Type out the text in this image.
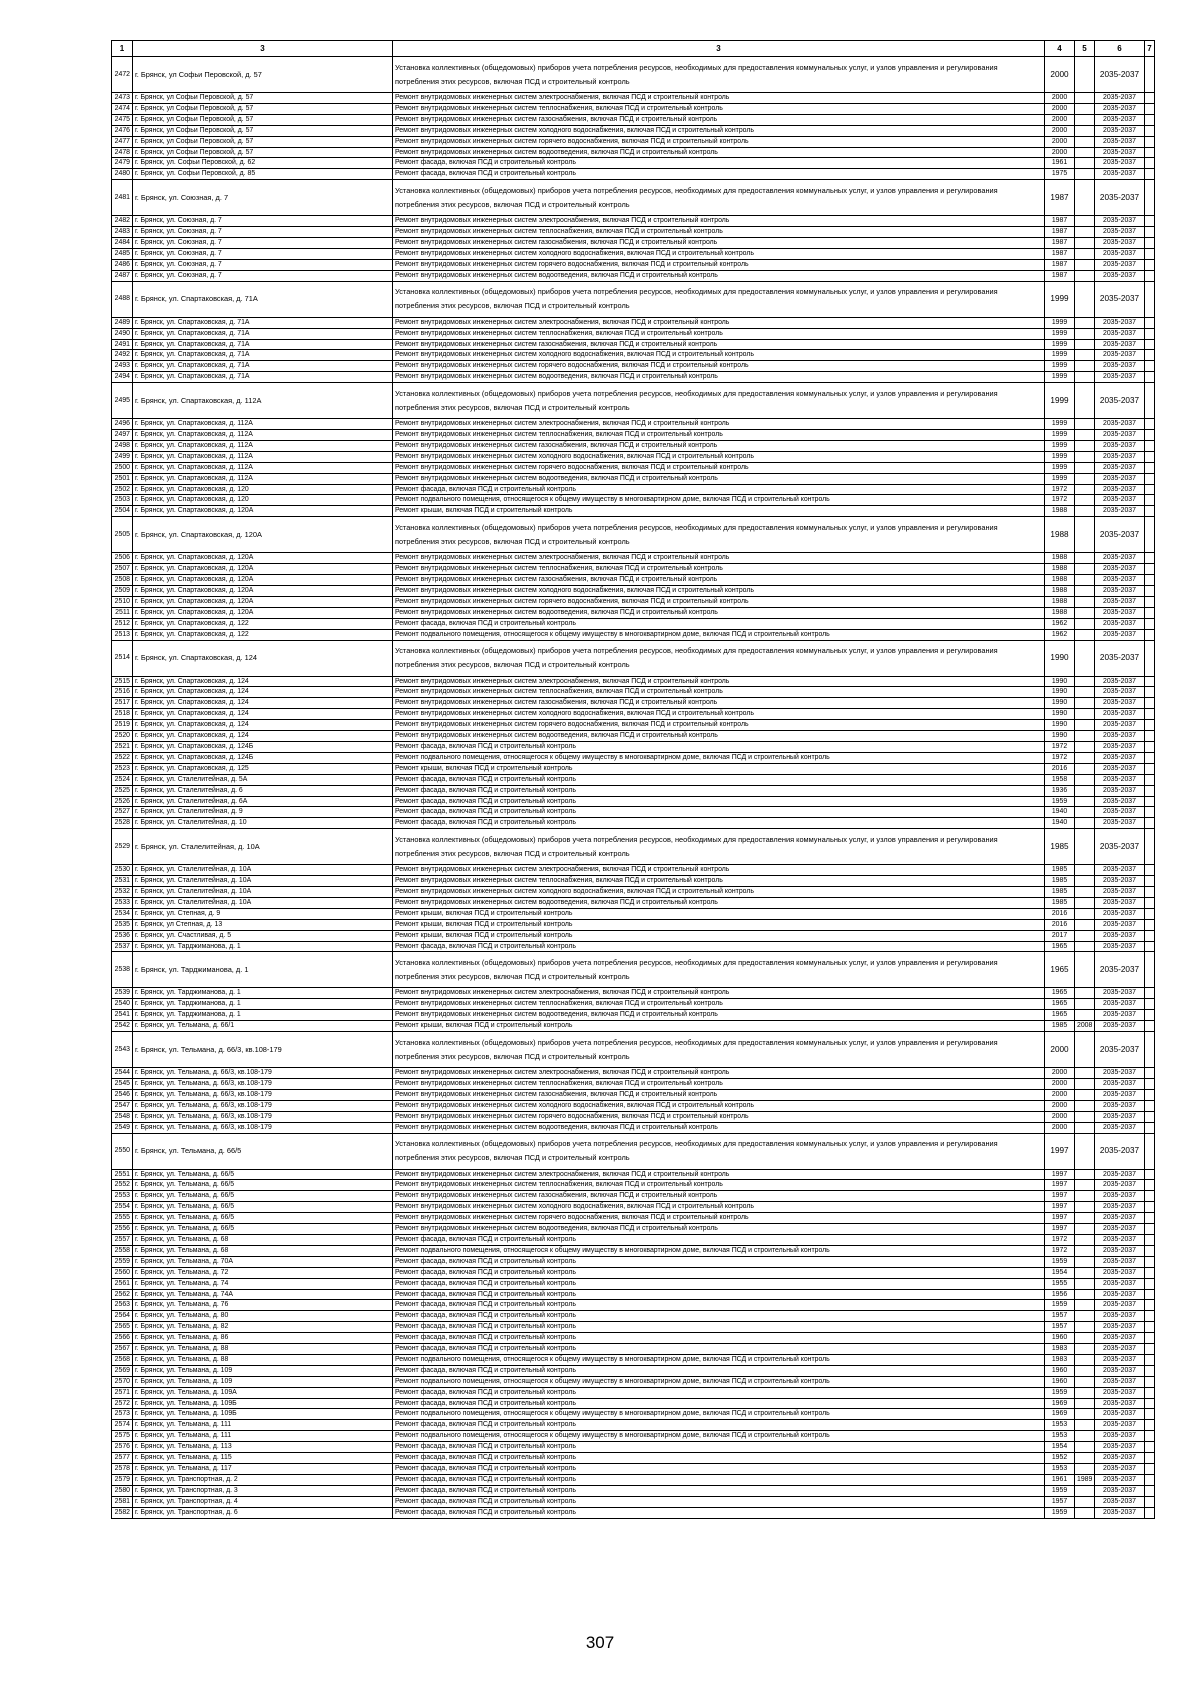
1	3	3	4	5	6	7
2472	г. Брянск, ул Софьи Перовской, д. 57	Установка коллективных (общедомовых) приборов учета потребления ресурсов, необходимых для предоставления коммунальных услуг, и узлов управления и регулирования потребления этих ресурсов, включая ПСД и строительный контроль	2000		2035-2037	
2473	г. Брянск, ул Софьи Перовской, д. 57	Ремонт внутридомовых инженерных систем электроснабжения, включая ПСД и строительный контроль	2000		2035-2037	
2474	г. Брянск, ул Софьи Перовской, д. 57	Ремонт внутридомовых инженерных систем теплоснабжения, включая ПСД и строительный контроль	2000		2035-2037	
2475	г. Брянск, ул Софьи Перовской, д. 57	Ремонт внутридомовых инженерных систем газоснабжения, включая ПСД и строительный контроль	2000		2035-2037	
2476	г. Брянск, ул Софьи Перовской, д. 57	Ремонт внутридомовых инженерных систем холодного водоснабжения, включая ПСД и строительный контроль	2000		2035-2037	
2477	г. Брянск, ул Софьи Перовской, д. 57	Ремонт внутридомовых инженерных систем горячего водоснабжения, включая ПСД и строительный контроль	2000		2035-2037	
2478	г. Брянск, ул Софьи Перовской, д. 57	Ремонт внутридомовых инженерных систем водоотведения, включая ПСД и строительный контроль	2000		2035-2037	
2479	г. Брянск, ул. Софьи Перовской, д. 62	Ремонт фасада, включая ПСД и строительный контроль	1961		2035-2037	
2480	г. Брянск, ул. Софьи Перовской, д. 85	Ремонт фасада, включая ПСД и строительный контроль	1975		2035-2037	
2481	г. Брянск, ул. Союзная, д. 7	Установка коллективных (общедомовых) приборов учета потребления ресурсов, необходимых для предоставления коммунальных услуг, и узлов управления и регулирования потребления этих ресурсов, включая ПСД и строительный контроль	1987		2035-2037	
2482	г. Брянск, ул. Союзная, д. 7	Ремонт внутридомовых инженерных систем электроснабжения, включая ПСД и строительный контроль	1987		2035-2037	
2483	г. Брянск, ул. Союзная, д. 7	Ремонт внутридомовых инженерных систем теплоснабжения, включая ПСД и строительный контроль	1987		2035-2037	
2484	г. Брянск, ул. Союзная, д. 7	Ремонт внутридомовых инженерных систем газоснабжения, включая ПСД и строительный контроль	1987		2035-2037	
2485	г. Брянск, ул. Союзная, д. 7	Ремонт внутридомовых инженерных систем холодного водоснабжения, включая ПСД и строительный контроль	1987		2035-2037	
2486	г. Брянск, ул. Союзная, д. 7	Ремонт внутридомовых инженерных систем горячего водоснабжения, включая ПСД и строительный контроль	1987		2035-2037	
2487	г. Брянск, ул. Союзная, д. 7	Ремонт внутридомовых инженерных систем водоотведения, включая ПСД и строительный контроль	1987		2035-2037	
2488	г. Брянск, ул. Спартаковская, д. 71А	Установка коллективных (общедомовых) приборов учета потребления ресурсов, необходимых для предоставления коммунальных услуг, и узлов управления и регулирования потребления этих ресурсов, включая ПСД и строительный контроль	1999		2035-2037	
2489	г. Брянск, ул. Спартаковская, д. 71А	Ремонт внутридомовых инженерных систем электроснабжения, включая ПСД и строительный контроль	1999		2035-2037	
2490	г. Брянск, ул. Спартаковская, д. 71А	Ремонт внутридомовых инженерных систем теплоснабжения, включая ПСД и строительный контроль	1999		2035-2037	
2491	г. Брянск, ул. Спартаковская, д. 71А	Ремонт внутридомовых инженерных систем газоснабжения, включая ПСД и строительный контроль	1999		2035-2037	
2492	г. Брянск, ул. Спартаковская, д. 71А	Ремонт внутридомовых инженерных систем холодного водоснабжения, включая ПСД и строительный контроль	1999		2035-2037	
2493	г. Брянск, ул. Спартаковская, д. 71А	Ремонт внутридомовых инженерных систем горячего водоснабжения, включая ПСД и строительный контроль	1999		2035-2037	
2494	г. Брянск, ул. Спартаковская, д. 71А	Ремонт внутридомовых инженерных систем водоотведения, включая ПСД и строительный контроль	1999		2035-2037	
2495	г. Брянск, ул. Спартаковская, д. 112А	Установка коллективных (общедомовых) приборов учета потребления ресурсов, необходимых для предоставления коммунальных услуг, и узлов управления и регулирования потребления этих ресурсов, включая ПСД и строительный контроль	1999		2035-2037	
2496	г. Брянск, ул. Спартаковская, д. 112А	Ремонт внутридомовых инженерных систем электроснабжения, включая ПСД и строительный контроль	1999		2035-2037	
2497	г. Брянск, ул. Спартаковская, д. 112А	Ремонт внутридомовых инженерных систем теплоснабжения, включая ПСД и строительный контроль	1999		2035-2037	
2498	г. Брянск, ул. Спартаковская, д. 112А	Ремонт внутридомовых инженерных систем газоснабжения, включая ПСД и строительный контроль	1999		2035-2037	
2499	г. Брянск, ул. Спартаковская, д. 112А	Ремонт внутридомовых инженерных систем холодного водоснабжения, включая ПСД и строительный контроль	1999		2035-2037	
2500	г. Брянск, ул. Спартаковская, д. 112А	Ремонт внутридомовых инженерных систем горячего водоснабжения, включая ПСД и строительный контроль	1999		2035-2037	
2501	г. Брянск, ул. Спартаковская, д. 112А	Ремонт внутридомовых инженерных систем водоотведения, включая ПСД и строительный контроль	1999		2035-2037	
2502	г. Брянск, ул. Спартаковская, д. 120	Ремонт фасада, включая ПСД и строительный контроль	1972		2035-2037	
2503	г. Брянск, ул. Спартаковская, д. 120	Ремонт подвального помещения, относящегося к общему имуществу в многоквартирном доме, включая ПСД и строительный контроль	1972		2035-2037	
2504	г. Брянск, ул. Спартаковская, д. 120А	Ремонт крыши, включая ПСД и строительный контроль	1988		2035-2037	
2505	г. Брянск, ул. Спартаковская, д. 120А	Установка коллективных (общедомовых) приборов учета потребления ресурсов, необходимых для предоставления коммунальных услуг, и узлов управления и регулирования потребления этих ресурсов, включая ПСД и строительный контроль	1988		2035-2037	
2506	г. Брянск, ул. Спартаковская, д. 120А	Ремонт внутридомовых инженерных систем электроснабжения, включая ПСД и строительный контроль	1988		2035-2037	
2507	г. Брянск, ул. Спартаковская, д. 120А	Ремонт внутридомовых инженерных систем теплоснабжения, включая ПСД и строительный контроль	1988		2035-2037	
2508	г. Брянск, ул. Спартаковская, д. 120А	Ремонт внутридомовых инженерных систем газоснабжения, включая ПСД и строительный контроль	1988		2035-2037	
2509	г. Брянск, ул. Спартаковская, д. 120А	Ремонт внутридомовых инженерных систем холодного водоснабжения, включая ПСД и строительный контроль	1988		2035-2037	
2510	г. Брянск, ул. Спартаковская, д. 120А	Ремонт внутридомовых инженерных систем горячего водоснабжения, включая ПСД и строительный контроль	1988		2035-2037	
2511	г. Брянск, ул. Спартаковская, д. 120А	Ремонт внутридомовых инженерных систем водоотведения, включая ПСД и строительный контроль	1988		2035-2037	
2512	г. Брянск, ул. Спартаковская, д. 122	Ремонт фасада, включая ПСД и строительный контроль	1962		2035-2037	
2513	г. Брянск, ул. Спартаковская, д. 122	Ремонт подвального помещения, относящегося к общему имуществу в многоквартирном доме, включая ПСД и строительный контроль	1962		2035-2037	
2514	г. Брянск, ул. Спартаковская, д. 124	Установка коллективных (общедомовых) приборов учета потребления ресурсов, необходимых для предоставления коммунальных услуг, и узлов управления и регулирования потребления этих ресурсов, включая ПСД и строительный контроль	1990		2035-2037	
2515	г. Брянск, ул. Спартаковская, д. 124	Ремонт внутридомовых инженерных систем электроснабжения, включая ПСД и строительный контроль	1990		2035-2037	
2516	г. Брянск, ул. Спартаковская, д. 124	Ремонт внутридомовых инженерных систем теплоснабжения, включая ПСД и строительный контроль	1990		2035-2037	
2517	г. Брянск, ул. Спартаковская, д. 124	Ремонт внутридомовых инженерных систем газоснабжения, включая ПСД и строительный контроль	1990		2035-2037	
2518	г. Брянск, ул. Спартаковская, д. 124	Ремонт внутридомовых инженерных систем холодного водоснабжения, включая ПСД и строительный контроль	1990		2035-2037	
2519	г. Брянск, ул. Спартаковская, д. 124	Ремонт внутридомовых инженерных систем горячего водоснабжения, включая ПСД и строительный контроль	1990		2035-2037	
2520	г. Брянск, ул. Спартаковская, д. 124	Ремонт внутридомовых инженерных систем водоотведения, включая ПСД и строительный контроль	1990		2035-2037	
2521	г. Брянск, ул. Спартаковская, д. 124Б	Ремонт фасада, включая ПСД и строительный контроль	1972		2035-2037	
2522	г. Брянск, ул. Спартаковская, д. 124Б	Ремонт подвального помещения, относящегося к общему имуществу в многоквартирном доме, включая ПСД и строительный контроль	1972		2035-2037	
2523	г. Брянск, ул. Спартаковская, д. 125	Ремонт крыши, включая ПСД и строительный контроль	2016		2035-2037	
2524	г. Брянск, ул. Сталелитейная, д. 5А	Ремонт фасада, включая ПСД и строительный контроль	1958		2035-2037	
2525	г. Брянск, ул. Сталелитейная, д. 6	Ремонт фасада, включая ПСД и строительный контроль	1936		2035-2037	
2526	г. Брянск, ул. Сталелитейная, д. 6А	Ремонт фасада, включая ПСД и строительный контроль	1959		2035-2037	
2527	г. Брянск, ул. Сталелитейная, д. 9	Ремонт фасада, включая ПСД и строительный контроль	1940		2035-2037	
2528	г. Брянск, ул. Сталелитейная, д. 10	Ремонт фасада, включая ПСД и строительный контроль	1940		2035-2037	
2529	г. Брянск, ул. Сталелитейная, д. 10А	Установка коллективных (общедомовых) приборов учета потребления ресурсов, необходимых для предоставления коммунальных услуг, и узлов управления и регулирования потребления этих ресурсов, включая ПСД и строительный контроль	1985		2035-2037	
2530	г. Брянск, ул. Сталелитейная, д. 10А	Ремонт внутридомовых инженерных систем электроснабжения, включая ПСД и строительный контроль	1985		2035-2037	
2531	г. Брянск, ул. Сталелитейная, д. 10А	Ремонт внутридомовых инженерных систем теплоснабжения, включая ПСД и строительный контроль	1985		2035-2037	
2532	г. Брянск, ул. Сталелитейная, д. 10А	Ремонт внутридомовых инженерных систем холодного водоснабжения, включая ПСД и строительный контроль	1985		2035-2037	
2533	г. Брянск, ул. Сталелитейная, д. 10А	Ремонт внутридомовых инженерных систем водоотведения, включая ПСД и строительный контроль	1985		2035-2037	
2534	г. Брянск, ул. Степная, д. 9	Ремонт крыши, включая ПСД и строительный контроль	2016		2035-2037	
2535	г. Брянск, ул Степная, д. 13	Ремонт крыши, включая ПСД и строительный контроль	2016		2035-2037	
2536	г. Брянск, ул. Счастливая, д. 5	Ремонт крыши, включая ПСД и строительный контроль	2017		2035-2037	
2537	г. Брянск, ул. Тарджиманова, д. 1	Ремонт фасада, включая ПСД и строительный контроль	1965		2035-2037	
2538	г. Брянск, ул. Тарджиманова, д. 1	Установка коллективных (общедомовых) приборов учета потребления ресурсов, необходимых для предоставления коммунальных услуг, и узлов управления и регулирования потребления этих ресурсов, включая ПСД и строительный контроль	1965		2035-2037	
2539	г. Брянск, ул. Тарджиманова, д. 1	Ремонт внутридомовых инженерных систем электроснабжения, включая ПСД и строительный контроль	1965		2035-2037	
2540	г. Брянск, ул. Тарджиманова, д. 1	Ремонт внутридомовых инженерных систем теплоснабжения, включая ПСД и строительный контроль	1965		2035-2037	
2541	г. Брянск, ул. Тарджиманова, д. 1	Ремонт внутридомовых инженерных систем водоотведения, включая ПСД и строительный контроль	1965		2035-2037	
2542	г. Брянск, ул. Тельмана, д. 66/1	Ремонт крыши, включая ПСД и строительный контроль	1985	2008	2035-2037	
2543	г. Брянск, ул. Тельмана, д. 66/3, кв.108-179	Установка коллективных (общедомовых) приборов учета потребления ресурсов, необходимых для предоставления коммунальных услуг, и узлов управления и регулирования потребления этих ресурсов, включая ПСД и строительный контроль	2000		2035-2037	
2544	г. Брянск, ул. Тельмана, д. 66/3, кв.108-179	Ремонт внутридомовых инженерных систем электроснабжения, включая ПСД и строительный контроль	2000		2035-2037	
2545	г. Брянск, ул. Тельмана, д. 66/3, кв.108-179	Ремонт внутридомовых инженерных систем теплоснабжения, включая ПСД и строительный контроль	2000		2035-2037	
2546	г. Брянск, ул. Тельмана, д. 66/3, кв.108-179	Ремонт внутридомовых инженерных систем газоснабжения, включая ПСД и строительный контроль	2000		2035-2037	
2547	г. Брянск, ул. Тельмана, д. 66/3, кв.108-179	Ремонт внутридомовых инженерных систем холодного водоснабжения, включая ПСД и строительный контроль	2000		2035-2037	
2548	г. Брянск, ул. Тельмана, д. 66/3, кв.108-179	Ремонт внутридомовых инженерных систем горячего водоснабжения, включая ПСД и строительный контроль	2000		2035-2037	
2549	г. Брянск, ул. Тельмана, д. 66/3, кв.108-179	Ремонт внутридомовых инженерных систем водоотведения, включая ПСД и строительный контроль	2000		2035-2037	
2550	г. Брянск, ул. Тельмана, д. 66/5	Установка коллективных (общедомовых) приборов учета потребления ресурсов, необходимых для предоставления коммунальных услуг, и узлов управления и регулирования потребления этих ресурсов, включая ПСД и строительный контроль	1997		2035-2037	
2551	г. Брянск, ул. Тельмана, д. 66/5	Ремонт внутридомовых инженерных систем электроснабжения, включая ПСД и строительный контроль	1997		2035-2037	
2552	г. Брянск, ул. Тельмана, д. 66/5	Ремонт внутридомовых инженерных систем теплоснабжения, включая ПСД и строительный контроль	1997		2035-2037	
2553	г. Брянск, ул. Тельмана, д. 66/5	Ремонт внутридомовых инженерных систем газоснабжения, включая ПСД и строительный контроль	1997		2035-2037	
2554	г. Брянск, ул. Тельмана, д. 66/5	Ремонт внутридомовых инженерных систем холодного водоснабжения, включая ПСД и строительный контроль	1997		2035-2037	
2555	г. Брянск, ул. Тельмана, д. 66/5	Ремонт внутридомовых инженерных систем горячего водоснабжения, включая ПСД и строительный контроль	1997		2035-2037	
2556	г. Брянск, ул. Тельмана, д. 66/5	Ремонт внутридомовых инженерных систем водоотведения, включая ПСД и строительный контроль	1997		2035-2037	
2557	г. Брянск, ул. Тельмана, д. 68	Ремонт фасада, включая ПСД и строительный контроль	1972		2035-2037	
2558	г. Брянск, ул. Тельмана, д. 68	Ремонт подвального помещения, относящегося к общему имуществу в многоквартирном доме, включая ПСД и строительный контроль	1972		2035-2037	
2559	г. Брянск, ул. Тельмана, д. 70А	Ремонт фасада, включая ПСД и строительный контроль	1959		2035-2037	
2560	г. Брянск, ул. Тельмана, д. 72	Ремонт фасада, включая ПСД и строительный контроль	1954		2035-2037	
2561	г. Брянск, ул. Тельмана, д. 74	Ремонт фасада, включая ПСД и строительный контроль	1955		2035-2037	
2562	г. Брянск, ул. Тельмана, д. 74А	Ремонт фасада, включая ПСД и строительный контроль	1956		2035-2037	
2563	г. Брянск, ул. Тельмана, д. 76	Ремонт фасада, включая ПСД и строительный контроль	1959		2035-2037	
2564	г. Брянск, ул. Тельмана, д. 80	Ремонт фасада, включая ПСД и строительный контроль	1957		2035-2037	
2565	г. Брянск, ул. Тельмана, д. 82	Ремонт фасада, включая ПСД и строительный контроль	1957		2035-2037	
2566	г. Брянск, ул. Тельмана, д. 86	Ремонт фасада, включая ПСД и строительный контроль	1960		2035-2037	
2567	г. Брянск, ул. Тельмана, д. 88	Ремонт фасада, включая ПСД и строительный контроль	1983		2035-2037	
2568	г. Брянск, ул. Тельмана, д. 88	Ремонт подвального помещения, относящегося к общему имуществу в многоквартирном доме, включая ПСД и строительный контроль	1983		2035-2037	
2569	г. Брянск, ул. Тельмана, д. 109	Ремонт фасада, включая ПСД и строительный контроль	1960		2035-2037	
2570	г. Брянск, ул. Тельмана, д. 109	Ремонт подвального помещения, относящегося к общему имуществу в многоквартирном доме, включая ПСД и строительный контроль	1960		2035-2037	
2571	г. Брянск, ул. Тельмана, д. 109А	Ремонт фасада, включая ПСД и строительный контроль	1959		2035-2037	
2572	г. Брянск, ул. Тельмана, д. 109Б	Ремонт фасада, включая ПСД и строительный контроль	1969		2035-2037	
2573	г. Брянск, ул. Тельмана, д. 109Б	Ремонт подвального помещения, относящегося к общему имуществу в многоквартирном доме, включая ПСД и строительный контроль	1969		2035-2037	
2574	г. Брянск, ул. Тельмана, д. 111	Ремонт фасада, включая ПСД и строительный контроль	1953		2035-2037	
2575	г. Брянск, ул. Тельмана, д. 111	Ремонт подвального помещения, относящегося к общему имуществу в многоквартирном доме, включая ПСД и строительный контроль	1953		2035-2037	
2576	г. Брянск, ул. Тельмана, д. 113	Ремонт фасада, включая ПСД и строительный контроль	1954		2035-2037	
2577	г. Брянск, ул. Тельмана, д. 115	Ремонт фасада, включая ПСД и строительный контроль	1952		2035-2037	
2578	г. Брянск, ул. Тельмана, д. 117	Ремонт фасада, включая ПСД и строительный контроль	1953		2035-2037	
2579	г. Брянск, ул. Транспортная, д. 2	Ремонт фасада, включая ПСД и строительный контроль	1961	1989	2035-2037	
2580	г. Брянск, ул. Транспортная, д. 3	Ремонт фасада, включая ПСД и строительный контроль	1959		2035-2037	
2581	г. Брянск, ул. Транспортная, д. 4	Ремонт фасада, включая ПСД и строительный контроль	1957		2035-2037	
2582	г. Брянск, ул. Транспортная, д. 6	Ремонт фасада, включая ПСД и строительный контроль	1959		2035-2037	
307
